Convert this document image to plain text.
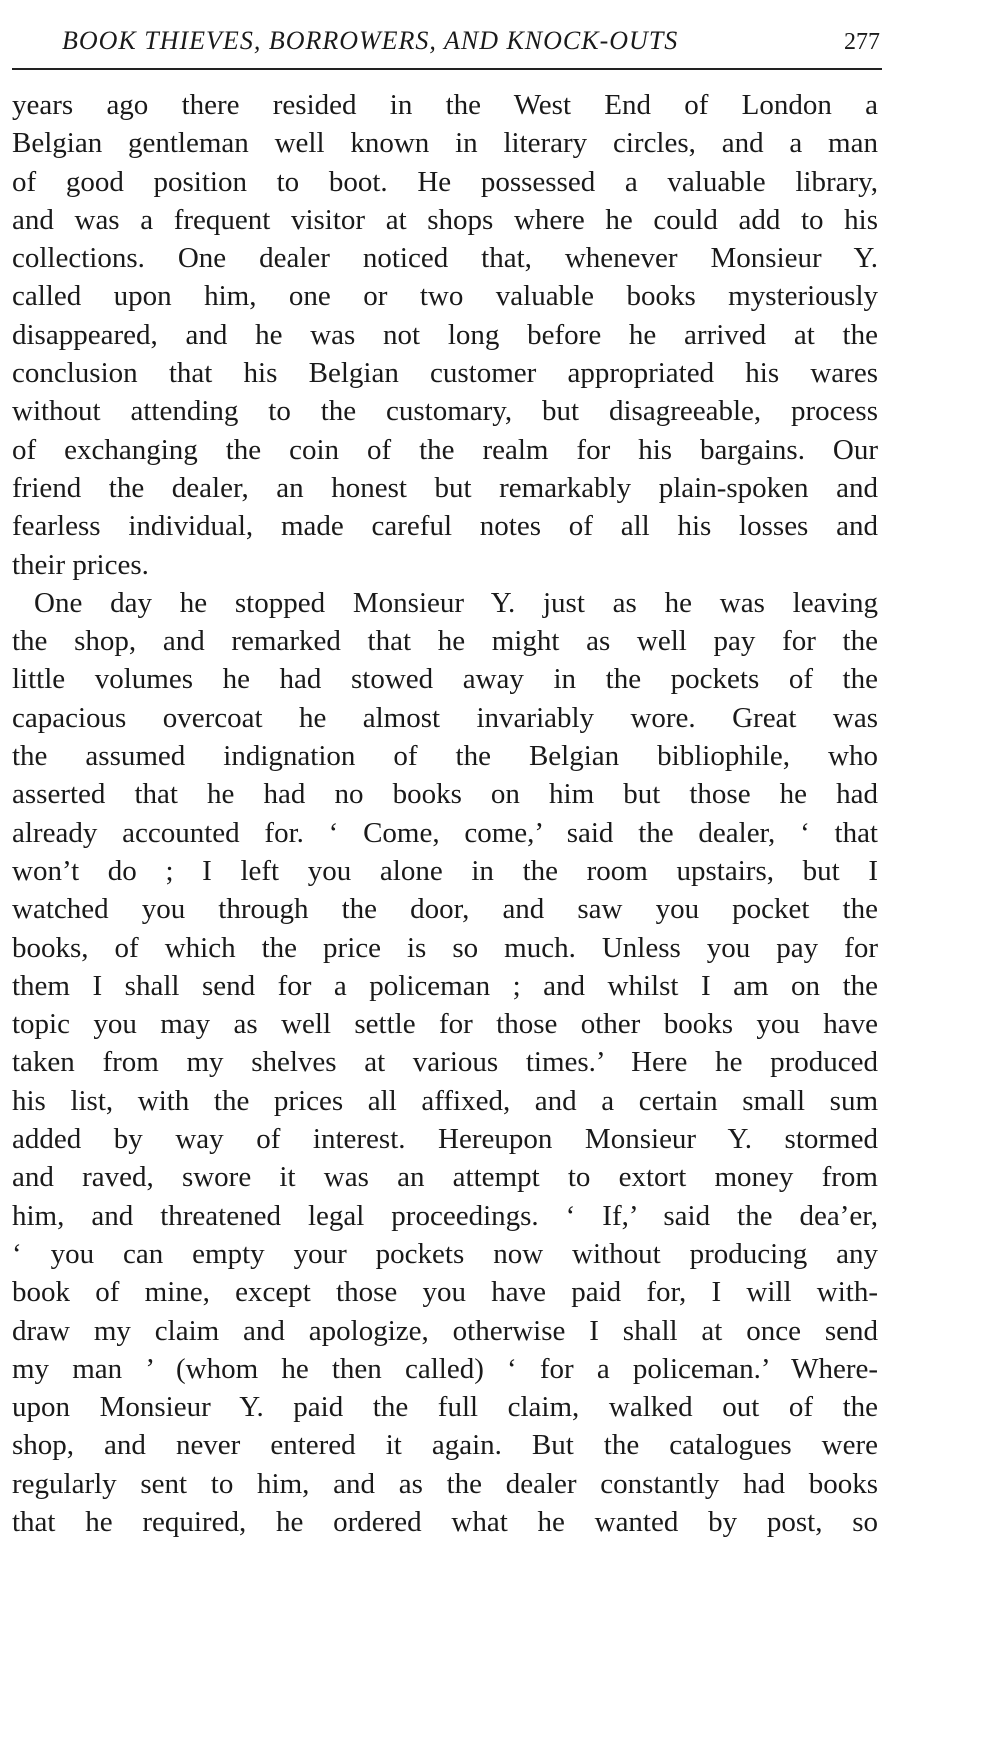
BOOK THIEVES, BORROWERS, AND KNOCK-OUTS	277
years ago there resided in the West End of London a
Belgian gentleman well known in literary circles, and a man
of good position to boot. He possessed a valuable library,
and was a frequent visitor at shops where he could add to his
collections. One dealer noticed that, whenever Monsieur Y.
called upon him, one or two valuable books mysteriously
disappeared, and he was not long before he arrived at the
conclusion that his Belgian customer appropriated his wares
without attending to the customary, but disagreeable, process
of exchanging the coin of the realm for his bargains. Our
friend the dealer, an honest but remarkably plain-spoken and
fearless individual, made careful notes of all his losses and
their prices.
One day he stopped Monsieur Y. just as he was leaving
the shop, and remarked that he might as well pay for the
little volumes he had stowed away in the pockets of the
capacious overcoat he almost invariably wore. Great was
the assumed indignation of the Belgian bibliophile, who
asserted that he had no books on him but those he had
already accounted for. ‘ Come, come,’ said the dealer, ‘ that
won’t do ; I left you alone in the room upstairs, but I
watched you through the door, and saw you pocket the
books, of which the price is so much. Unless you pay for
them I shall send for a policeman ; and whilst I am on the
topic you may as well settle for those other books you have
taken from my shelves at various times.’ Here he produced
his list, with the prices all affixed, and a certain small sum
added by way of interest. Hereupon Monsieur Y. stormed
and raved, swore it was an attempt to extort money from
him, and threatened legal proceedings. ‘ If,’ said the dea’er,
‘ you can empty your pockets now without producing any
book of mine, except those you have paid for, I will with-
draw my claim and apologize, otherwise I shall at once send
my man ’ (whom he then called) ‘ for a policeman.’ Where-
upon Monsieur Y. paid the full claim, walked out of the
shop, and never entered it again. But the catalogues were
regularly sent to him, and as the dealer constantly had books
that he required, he ordered what he wanted by post, so
